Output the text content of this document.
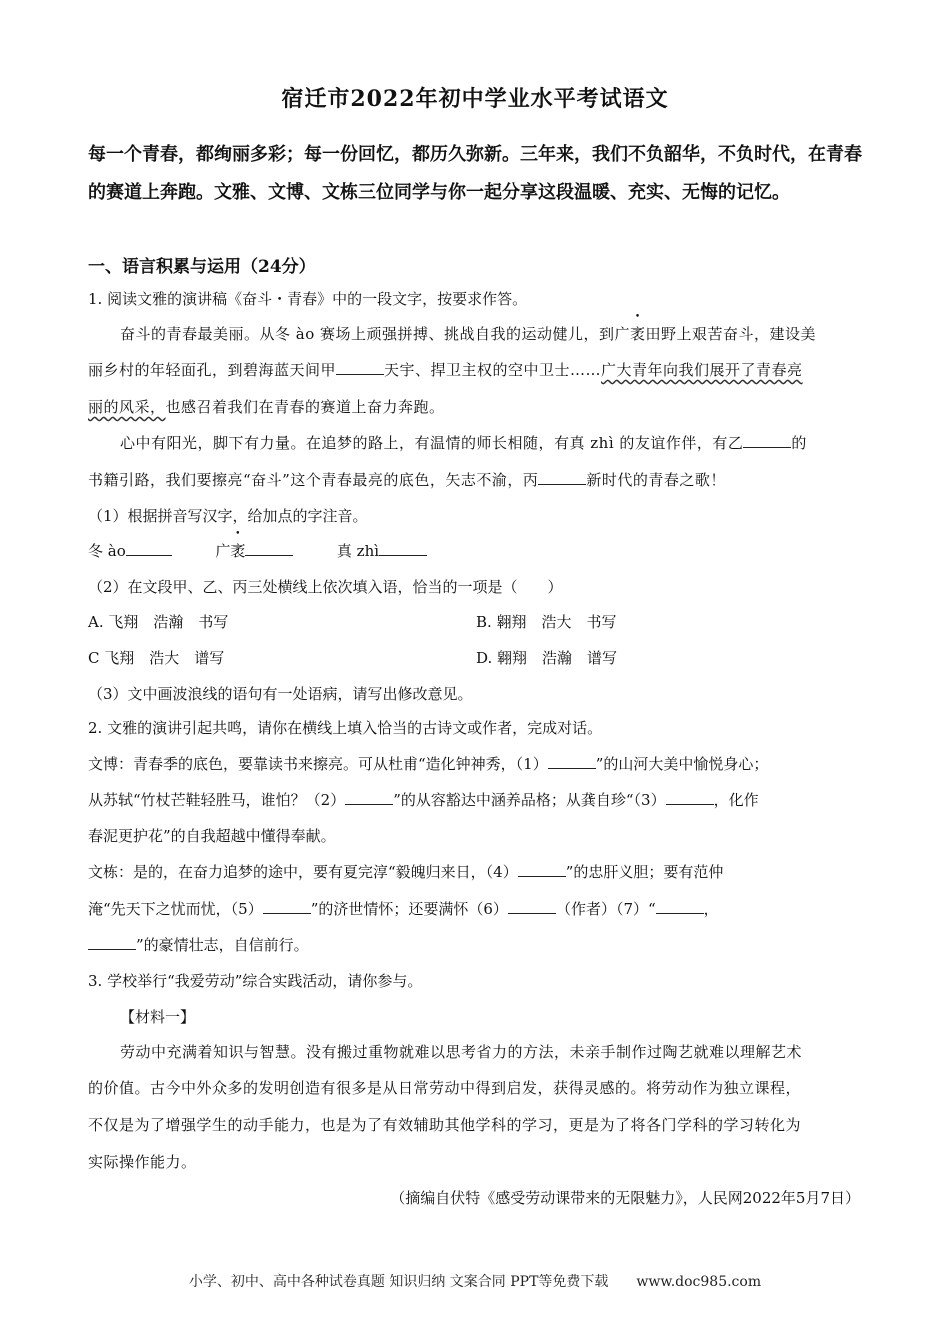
宿迁市2022年初中学业水平考试语文
每一个青春，都绚丽多彩；每一份回忆，都历久弥新。三年来，我们不负韶华，不负时代，在青春的赛道上奔跑。文雅、文博、文栋三位同学与你一起分享这段温暖、充实、无悔的记忆。
一、语言积累与运用（24分）
1. 阅读文雅的演讲稿《奋斗・青春》中的一段文字，按要求作答。
奋斗的青春最美丽。从冬 ào 赛场上顽强拼搏、挑战自我的运动健儿，到广袤田野上艰苦奋斗，建设美
丽乡村的年轻面孔，到碧海蓝天间甲	天宇、捍卫主权的空中卫士……广大青年向我们展开了青春亮
丽的风采，也感召着我们在青春的赛道上奋力奔跑。
心中有阳光，脚下有力量。在追梦的路上，有温情的师长相随，有真 zhì 的友谊作伴，有乙	的
书籍引路，我们要擦亮“奋斗”这个青春最亮的底色，矢志不渝，丙	新时代的青春之歌！
（1）根据拼音写汉字，给加点的字注音。
冬 ào	广袤	真 zhì
（2）在文段甲、乙、丙三处横线上依次填入语，恰当的一项是（　　）
A. 飞翔　浩瀚　书写	B. 翱翔　浩大　书写
C 飞翔　浩大　谱写	D. 翱翔　浩瀚　谱写
（3）文中画波浪线的语句有一处语病，请写出修改意见。
2. 文雅的演讲引起共鸣，请你在横线上填入恰当的古诗文或作者，完成对话。
文博：青春季的底色，要靠读书来擦亮。可从杜甫“造化钟神秀，（1）	”的山河大美中愉悦身心；
从苏轼“竹杖芒鞋轻胜马，谁怕？（2）	”的从容豁达中涵养品格；从龚自珍“（3）	，化作
春泥更护花”的自我超越中懂得奉献。
文栋：是的，在奋力追梦的途中，要有夏完淳“毅魄归来日，（4）	”的忠肝义胆；要有范仲
淹“先天下之忧而忧，（5）	”的济世情怀；还要满怀（6）	（作者）（7）“	，
”的豪情壮志，自信前行。
3. 学校举行“我爱劳动”综合实践活动，请你参与。
【材料一】
劳动中充满着知识与智慧。没有搬过重物就难以思考省力的方法，未亲手制作过陶艺就难以理解艺术
的价值。古今中外众多的发明创造有很多是从日常劳动中得到启发，获得灵感的。将劳动作为独立课程，
不仅是为了增强学生的动手能力，也是为了有效辅助其他学科的学习，更是为了将各门学科的学习转化为
实际操作能力。
（摘编自伏特《感受劳动课带来的无限魅力》，人民网2022年5月7日）
小学、初中、高中各种试卷真题 知识归纳 文案合同 PPT等免费下载　　www.doc985.com
